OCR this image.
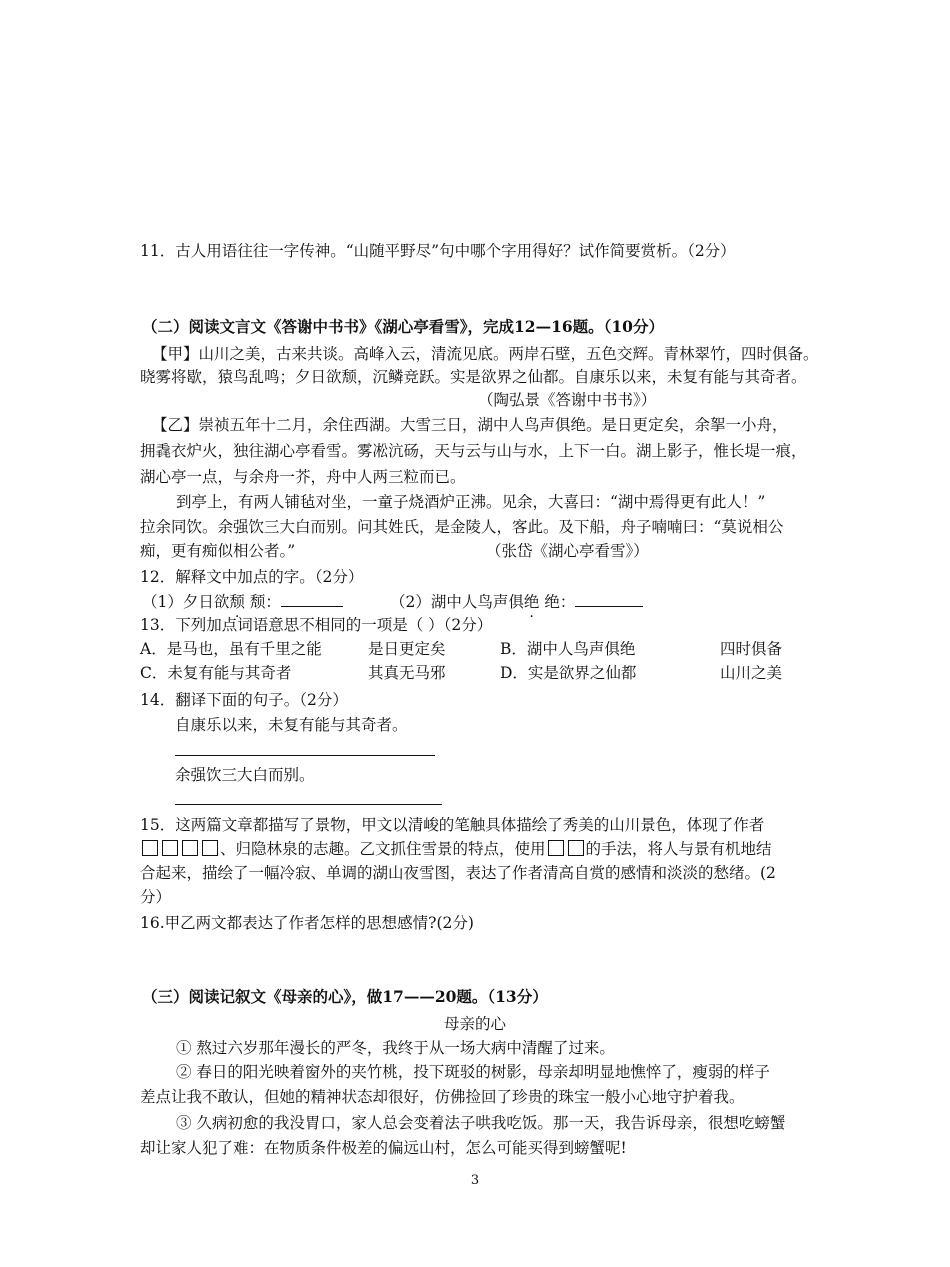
11．古人用语往往一字传神。“山随平野尽”句中哪个字用得好？试作简要赏析。（2分）
（二）阅读文言文《答谢中书书》《湖心亭看雪》，完成12—16题。（10分）
【甲】山川之美，古来共谈。高峰入云，清流见底。两岸石壁，五色交辉。青林翠竹，四时俱备。
晓雾将歇，猿鸟乱鸣；夕日欲颓，沉鳞竞跃。实是欲界之仙都。自康乐以来，未复有能与其奇者。
（陶弘景《答谢中书书》）
【乙】崇祯五年十二月，余住西湖。大雪三日，湖中人鸟声俱绝。是日更定矣，余挐一小舟，
拥毳衣炉火，独往湖心亭看雪。雾凇沆砀，天与云与山与水，上下一白。湖上影子，惟长堤一痕，
湖心亭一点，与余舟一芥，舟中人两三粒而已。
到亭上，有两人铺毡对坐，一童子烧酒炉正沸。见余，大喜曰：“湖中焉得更有此人！”
拉余同饮。余强饮三大白而别。问其姓氏，是金陵人，客此。及下船，舟子喃喃曰：“莫说相公
痴，更有痴似相公者。”	（张岱《湖心亭看雪》）
12．解释文中加点的字。（2分）
（1）夕日欲颓 颓：	（2）湖中人鸟声俱绝 绝：
13．下列加点词语意思不相同的一项是（ ）（2分）
A．是马也，虽有千里之能	是日更定矣	B．湖中人鸟声俱绝	四时俱备
C．未复有能与其奇者	其真无马邪	D．实是欲界之仙都	山川之美
14．翻译下面的句子。（2分）
自康乐以来，未复有能与其奇者。
余强饮三大白而别。
15．这两篇文章都描写了景物，甲文以清峻的笔触具体描绘了秀美的山川景色，体现了作者
、归隐林泉的志趣。乙文抓住雪景的特点，使用	的手法，将人与景有机地结
合起来，描绘了一幅冷寂、单调的湖山夜雪图，表达了作者清高自赏的感情和淡淡的愁绪。(2
分）
16.甲乙两文都表达了作者怎样的思想感情?(2分)
（三）阅读记叙文《母亲的心》，做17——20题。（13分）
母亲的心
① 熬过六岁那年漫长的严冬，我终于从一场大病中清醒了过来。
② 春日的阳光映着窗外的夹竹桃，投下斑驳的树影，母亲却明显地憔悴了，瘦弱的样子
差点让我不敢认，但她的精神状态却很好，仿佛捡回了珍贵的珠宝一般小心地守护着我。
③ 久病初愈的我没胃口，家人总会变着法子哄我吃饭。那一天，我告诉母亲，很想吃螃蟹
却让家人犯了难：在物质条件极差的偏远山村，怎么可能买得到螃蟹呢!
3
